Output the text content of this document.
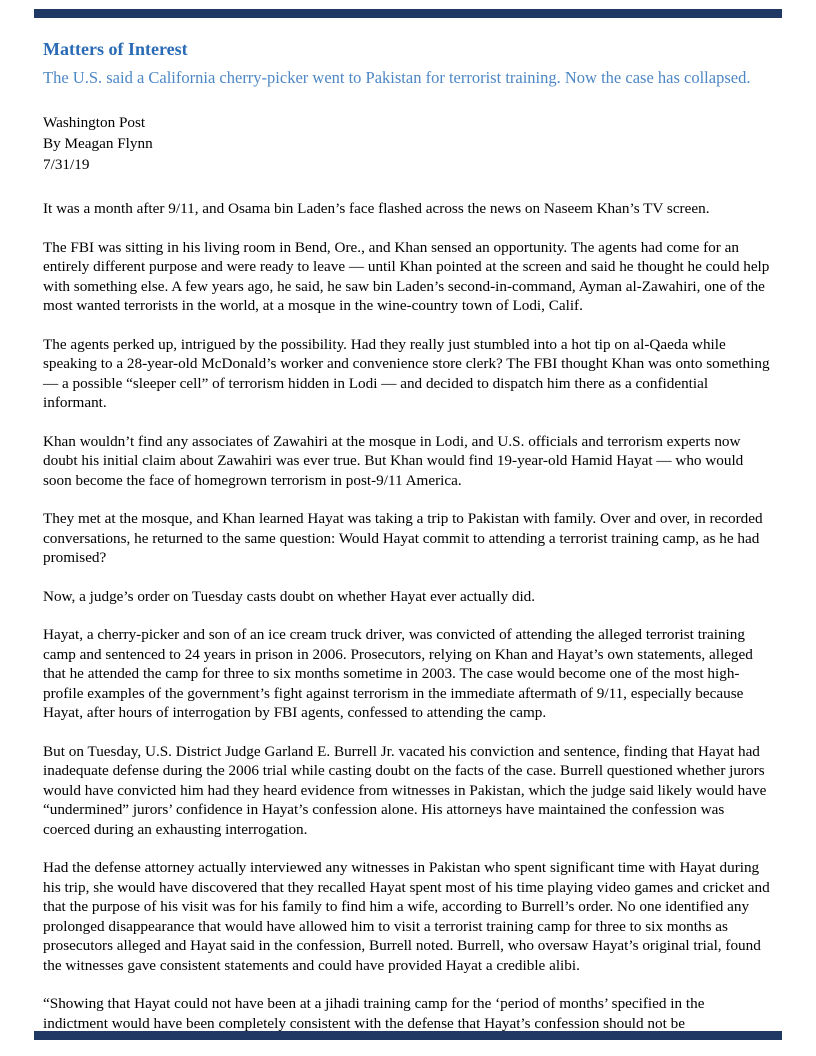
Matters of Interest
The U.S. said a California cherry-picker went to Pakistan for terrorist training. Now the case has collapsed.
Washington Post
By Meagan Flynn
7/31/19

It was a month after 9/11, and Osama bin Laden’s face flashed across the news on Naseem Khan’s TV screen.

The FBI was sitting in his living room in Bend, Ore., and Khan sensed an opportunity. The agents had come for an entirely different purpose and were ready to leave — until Khan pointed at the screen and said he thought he could help with something else. A few years ago, he said, he saw bin Laden’s second-in-command, Ayman al-Zawahiri, one of the most wanted terrorists in the world, at a mosque in the wine-country town of Lodi, Calif.

The agents perked up, intrigued by the possibility. Had they really just stumbled into a hot tip on al-Qaeda while speaking to a 28-year-old McDonald’s worker and convenience store clerk? The FBI thought Khan was onto something — a possible “sleeper cell” of terrorism hidden in Lodi — and decided to dispatch him there as a confidential informant.

Khan wouldn’t find any associates of Zawahiri at the mosque in Lodi, and U.S. officials and terrorism experts now doubt his initial claim about Zawahiri was ever true. But Khan would find 19-year-old Hamid Hayat — who would soon become the face of homegrown terrorism in post-9/11 America.

They met at the mosque, and Khan learned Hayat was taking a trip to Pakistan with family. Over and over, in recorded conversations, he returned to the same question: Would Hayat commit to attending a terrorist training camp, as he had promised?

Now, a judge’s order on Tuesday casts doubt on whether Hayat ever actually did.

Hayat, a cherry-picker and son of an ice cream truck driver, was convicted of attending the alleged terrorist training camp and sentenced to 24 years in prison in 2006. Prosecutors, relying on Khan and Hayat’s own statements, alleged that he attended the camp for three to six months sometime in 2003. The case would become one of the most high-profile examples of the government’s fight against terrorism in the immediate aftermath of 9/11, especially because Hayat, after hours of interrogation by FBI agents, confessed to attending the camp.

But on Tuesday, U.S. District Judge Garland E. Burrell Jr. vacated his conviction and sentence, finding that Hayat had inadequate defense during the 2006 trial while casting doubt on the facts of the case. Burrell questioned whether jurors would have convicted him had they heard evidence from witnesses in Pakistan, which the judge said likely would have “undermined” jurors’ confidence in Hayat’s confession alone. His attorneys have maintained the confession was coerced during an exhausting interrogation.

Had the defense attorney actually interviewed any witnesses in Pakistan who spent significant time with Hayat during his trip, she would have discovered that they recalled Hayat spent most of his time playing video games and cricket and that the purpose of his visit was for his family to find him a wife, according to Burrell’s order. No one identified any prolonged disappearance that would have allowed him to visit a terrorist training camp for three to six months as prosecutors alleged and Hayat said in the confession, Burrell noted. Burrell, who oversaw Hayat’s original trial, found the witnesses gave consistent statements and could have provided Hayat a credible alibi.

“Showing that Hayat could not have been at a jihadi training camp for the ‘period of months’ specified in the indictment would have been completely consistent with the defense that Hayat’s confession should not be
